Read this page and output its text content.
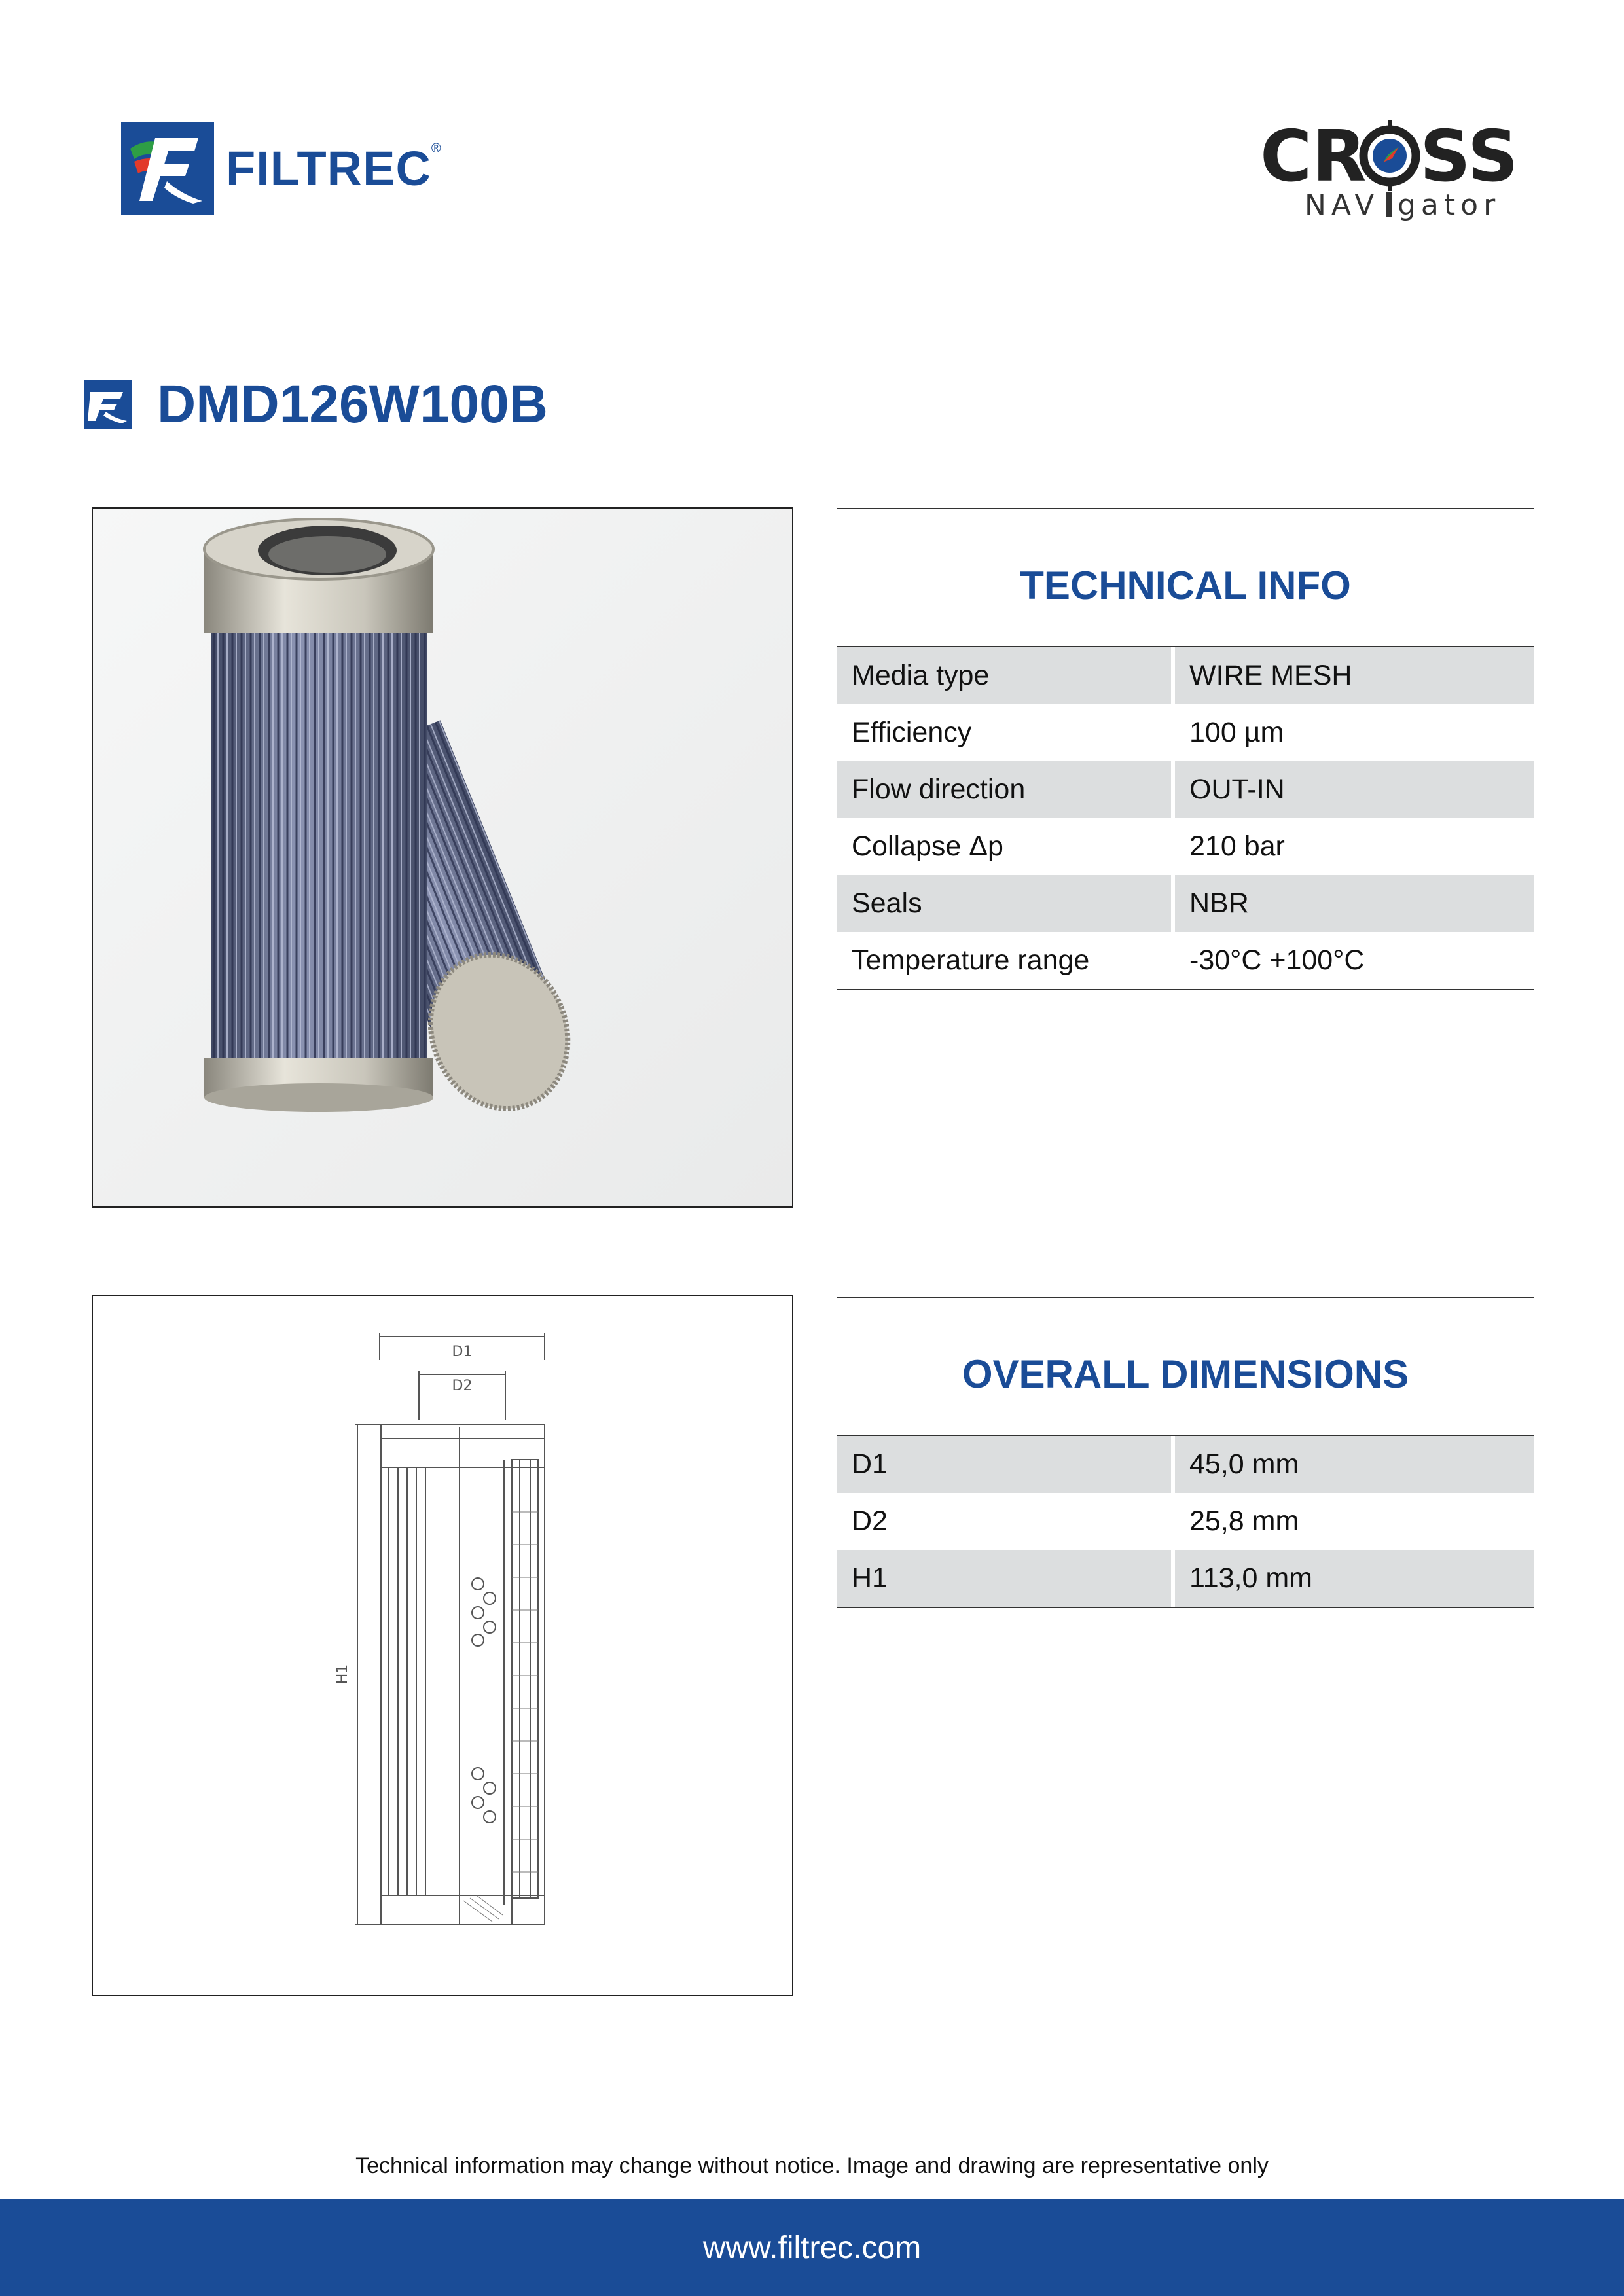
FILTREC ®	CR SS
NAV gator
DMD126W100B
D1
D2
H1
TECHNICAL INFO
Media type	WIRE MESH
Efficiency	100 µm
Flow direction	OUT-IN
Collapse Δp	210 bar
Seals	NBR
Temperature range	-30°C +100°C
OVERALL DIMENSIONS
D1	45,0 mm
D2	25,8 mm
H1	113,0 mm
Technical information may change without notice. Image and drawing are representative only
www.filtrec.com
